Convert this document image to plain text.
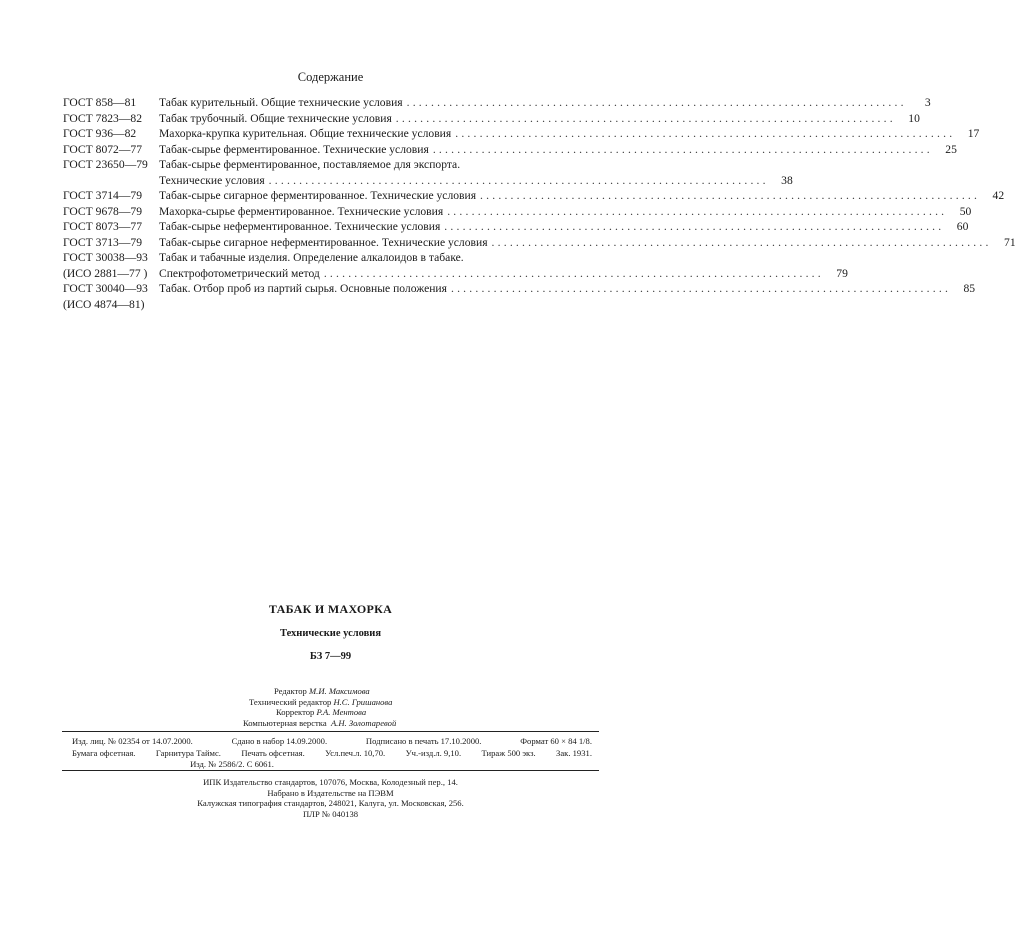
Содержание
ГОСТ 858—81 Табак курительный. Общие технические условия ..................................................................................	3
ГОСТ 7823—82 Табак трубочный. Общие технические условия ..................................................................................	10
ГОСТ 936—82 Махорка-крупка курительная. Общие технические условия ..................................................................................	17
ГОСТ 8072—77 Табак-сырье ферментированное. Технические условия ..................................................................................	25
ГОСТ 23650—79 Табак-сырье ферментированное, поставляемое для экспорта.
Технические условия ..................................................................................	38
ГОСТ 3714—79 Табак-сырье сигарное ферментированное. Технические условия ..................................................................................	42
ГОСТ 9678—79 Махорка-сырье ферментированное. Технические условия ..................................................................................	50
ГОСТ 8073—77 Табак-сырье неферментированное. Технические условия ..................................................................................	60
ГОСТ 3713—79 Табак-сырье сигарное неферментированное. Технические условия ..................................................................................	71
ГОСТ 30038—93
(ИСО 2881—77 )
Табак и табачные изделия. Определение алкалоидов в табаке.
Спектрофотометрический метод ..................................................................................	79
ГОСТ 30040—93
(ИСО 4874—81)
Табак. Отбор проб из партий сырья. Основные положения ..................................................................................	85
ТАБАК И МАХОРКА
Технические условия
БЗ 7—99
Редактор М.И. Максимова
Технический редактор Н.С. Гришанова
Корректор Р.А. Ментова
Компьютерная верстка А.Н. Золотаревой
Изд. лиц. № 02354 от 14.07.2000.	Сдано в набор 14.09.2000.	Подписано в печать 17.10.2000.	Формат 60 × 84 1/8.
Бумага офсетная. Гарнитура Таймс. Печать офсетная. Усл.печ.л. 10,70. Уч.-изд.л. 9,10. Тираж 500 экз. Зак. 1931.
Изд. № 2586/2. С 6061.
ИПК Издательство стандартов, 107076, Москва, Колодезный пер., 14.
Набрано в Издательстве на ПЭВМ
Калужская типография стандартов, 248021, Калуга, ул. Московская, 256.
ПЛР № 040138
